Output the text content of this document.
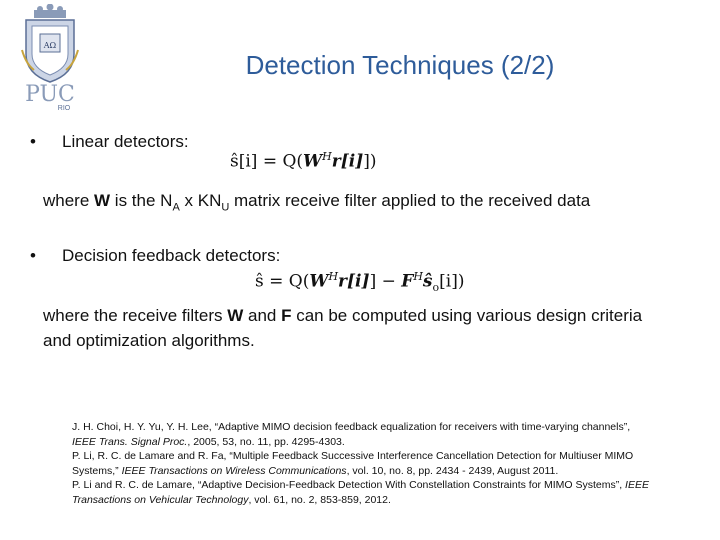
ΑΩ
PUC
RIO
Detection Techniques (2/2)
• Linear detectors:
ŝ[i] = $Q(W^Hr[i]]$)
where W is the $N_A$ x $KN_U$ matrix receive filter applied to the received data
• Decision feedback detectors:
ŝ = $Q(W^Hr[i]]$ − $F^Hŝ_o[i]$)
where the receive filters W and F can be computed using various design criteria and optimization algorithms.
J. H. Choi, H. Y. Yu, Y. H. Lee, “Adaptive MIMO decision feedback equalization for receivers with time-varying channels”, IEEE Trans. Signal Proc., 2005, 53, no. 11, pp. 4295-4303.
P. Li, R. C. de Lamare and R. Fa, “Multiple Feedback Successive Interference Cancellation Detection for Multiuser MIMO Systems,” IEEE Transactions on Wireless Communications, vol. 10, no. 8, pp. 2434 - 2439, August 2011.
P. Li and R. C. de Lamare, “Adaptive Decision-Feedback Detection With Constellation Constraints for MIMO Systems”, IEEE Transactions on Vehicular Technology, vol. 61, no. 2, 853-859, 2012.
